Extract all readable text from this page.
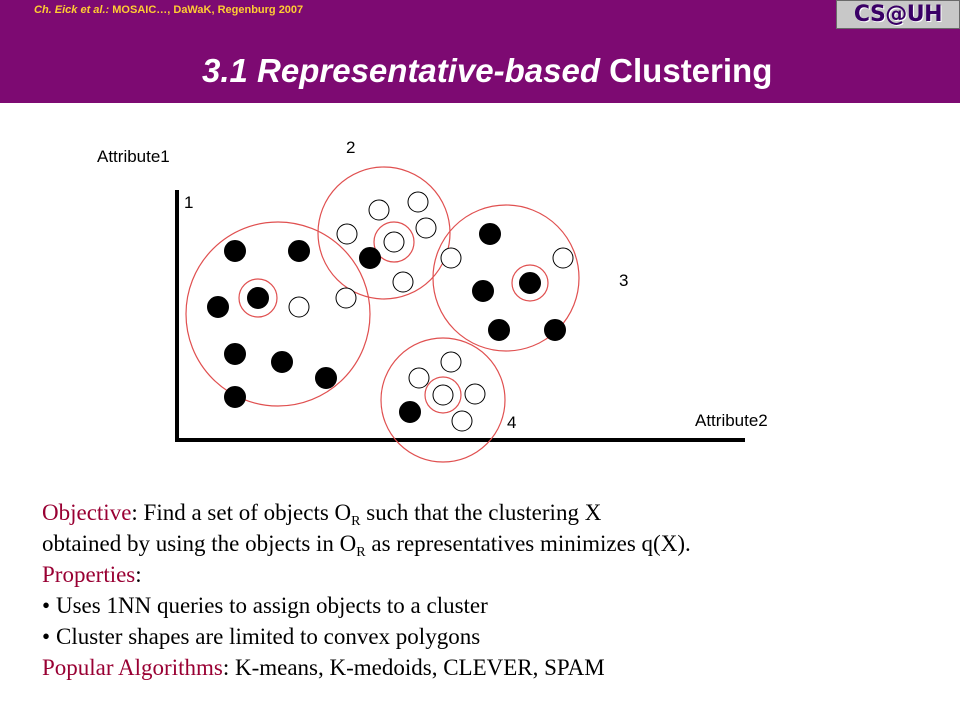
Ch. Eick et al.: MOSAIC…, DaWaK, Regenburg 2007	CS@UH
3.1 Representative-based Clustering
Attribute1
Attribute2
1
2
3
4
Objective: Find a set of objects $O_R$ such that the clustering X
obtained by using the objects in $O_R$ as representatives minimizes q(X).
Properties:
• Uses 1NN queries to assign objects to a cluster
• Cluster shapes are limited to convex polygons
Popular Algorithms: K-means, K-medoids, CLEVER, SPAM
